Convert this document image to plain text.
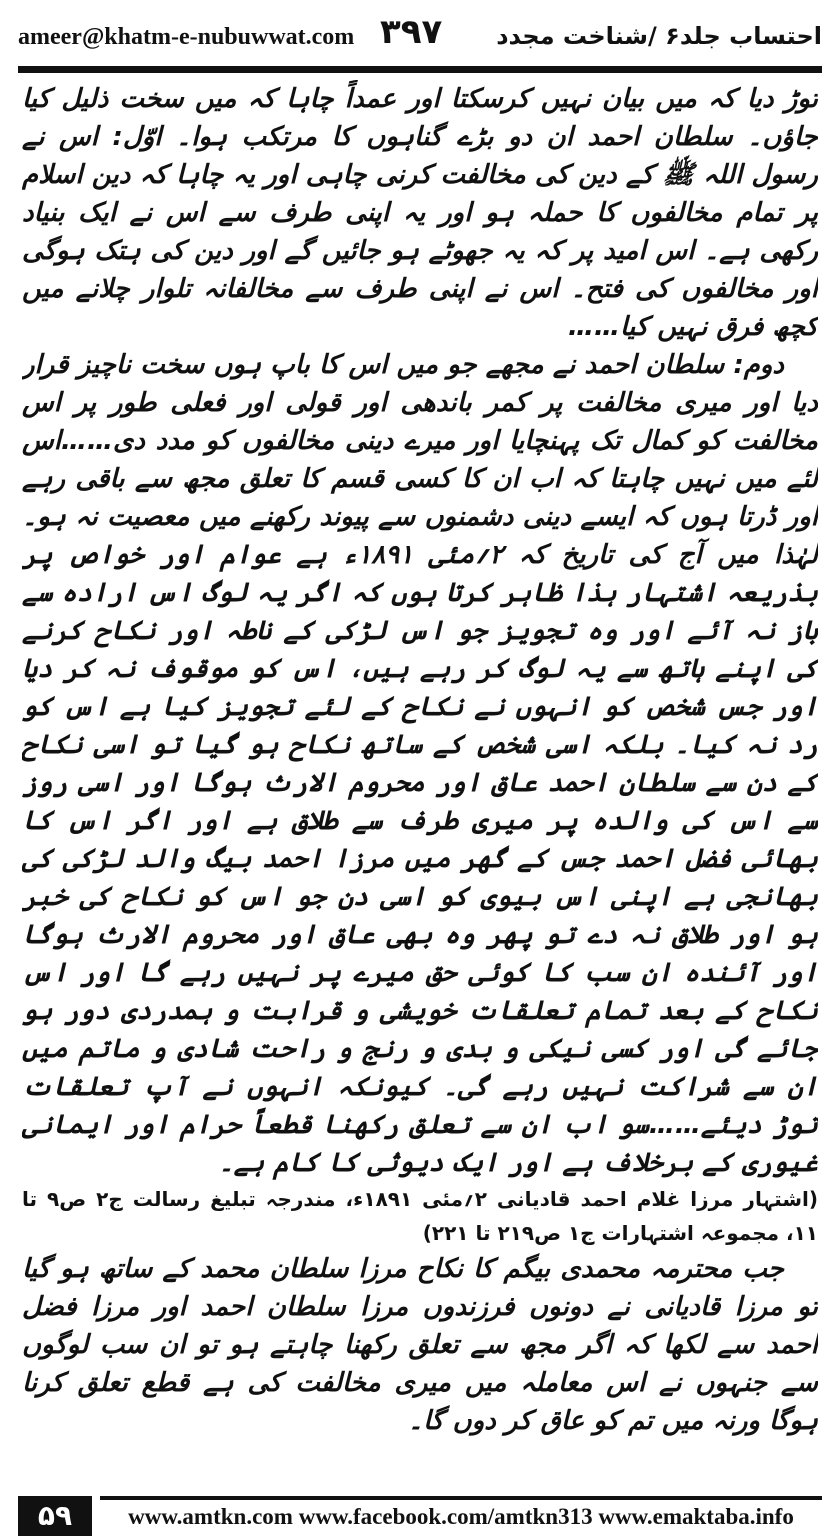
ameer@khatm-e-nubuwwat.com ۳۹۷ احتساب جلد۶ /شناخت مجدد

توڑ دیا کہ میں بیان نہیں کرسکتا اور عمداً چاہا کہ میں سخت ذلیل کیا جاؤں۔ سلطان احمد ان دو بڑے گناہوں کا مرتکب ہوا۔ اوّل: اس نے رسول اللہ ﷺ کے دین کی مخالفت کرنی چاہی اور یہ چاہا کہ دین اسلام پر تمام مخالفوں کا حملہ ہو اور یہ اپنی طرف سے اس نے ایک بنیاد رکھی ہے۔ اس امید پر کہ یہ جھوٹے ہو جائیں گے اور دین کی ہتک ہوگی اور مخالفوں کی فتح۔ اس نے اپنی طرف سے مخالفانہ تلوار چلانے میں کچھ فرق نہیں کیا……

دوم: سلطان احمد نے مجھے جو میں اس کا باپ ہوں سخت ناچیز قرار دیا اور میری مخالفت پر کمر باندھی اور قولی اور فعلی طور پر اس مخالفت کو کمال تک پہنچایا اور میرے دینی مخالفوں کو مدد دی……اس لئے میں نہیں چاہتا کہ اب ان کا کسی قسم کا تعلق مجھ سے باقی رہے اور ڈرتا ہوں کہ ایسے دینی دشمنوں سے پیوند رکھنے میں معصیت نہ ہو۔ لہٰذا میں آج کی تاریخ کہ ۲؍مئی ۱۸۹۱ء ہے عوام اور خواص پر بذریعہ اشتہار ہذا ظاہر کرتا ہوں کہ اگر یہ لوگ اس ارادہ سے باز نہ آئے اور وہ تجویز جو اس لڑکی کے ناطہ اور نکاح کرنے کی اپنے ہاتھ سے یہ لوگ کر رہے ہیں، اس کو موقوف نہ کر دیا اور جس شخص کو انہوں نے نکاح کے لئے تجویز کیا ہے اس کو رد نہ کیا۔ بلکہ اسی شخص کے ساتھ نکاح ہو گیا تو اسی نکاح کے دن سے سلطان احمد عاق اور محروم الارث ہوگا اور اسی روز سے اس کی والدہ پر میری طرف سے طلاق ہے اور اگر اس کا بھائی فضل احمد جس کے گھر میں مرزا احمد بیگ والد لڑکی کی بھانجی ہے اپنی اس بیوی کو اسی دن جو اس کو نکاح کی خبر ہو اور طلاق نہ دے تو پھر وہ بھی عاق اور محروم الارث ہوگا اور آئندہ ان سب کا کوئی حق میرے پر نہیں رہے گا اور اس نکاح کے بعد تمام تعلقات خویشی و قرابت و ہمدردی دور ہو جائے گی اور کسی نیکی و بدی و رنج و راحت شادی و ماتم میں ان سے شراکت نہیں رہے گی۔ کیونکہ انہوں نے آپ تعلقات توڑ دیئے……سو اب ان سے تعلق رکھنا قطعاً حرام اور ایمانی غیوری کے برخلاف ہے اور ایک دیوثی کا کام ہے۔

(اشتہار مرزا غلام احمد قادیانی ۲؍مئی ۱۸۹۱ء، مندرجہ تبلیغ رسالت ج۲ ص۹ تا ۱۱، مجموعہ اشتہارات ج۱ ص۲۱۹ تا ۲۲۱)

جب محترمہ محمدی بیگم کا نکاح مرزا سلطان محمد کے ساتھ ہو گیا تو مرزا قادیانی نے دونوں فرزندوں مرزا سلطان احمد اور مرزا فضل احمد سے لکھا کہ اگر مجھ سے تعلق رکھنا چاہتے ہو تو ان سب لوگوں سے جنہوں نے اس معاملہ میں میری مخالفت کی ہے قطع تعلق کرنا ہوگا ورنہ میں تم کو عاق کر دوں گا۔

۵۹	www.amtkn.com www.facebook.com/amtkn313 www.emaktaba.info
